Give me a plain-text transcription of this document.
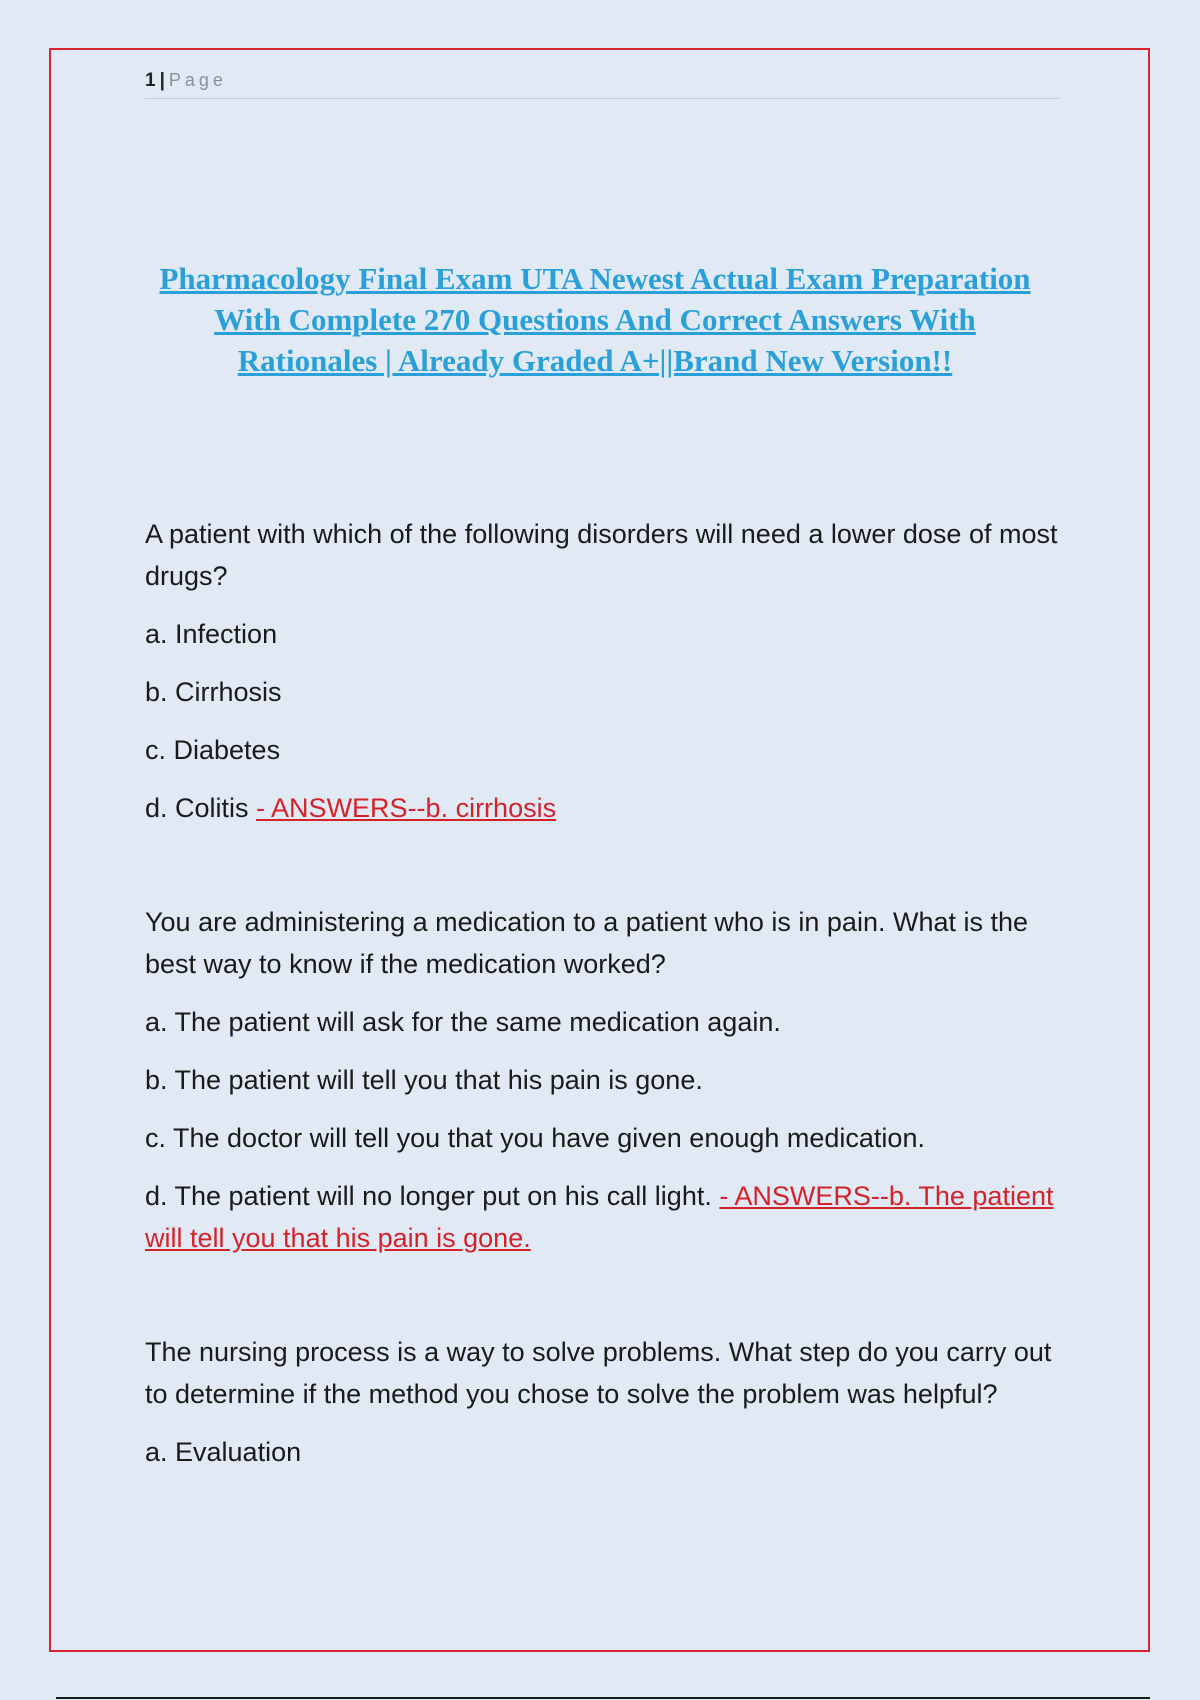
1 | Page
Pharmacology Final Exam UTA Newest Actual Exam Preparation With Complete 270 Questions And Correct Answers With Rationales | Already Graded A+||Brand New Version!!

A patient with which of the following disorders will need a lower dose of most drugs?

a. Infection

b. Cirrhosis

c. Diabetes

d. Colitis - ANSWERS--b. cirrhosis

You are administering a medication to a patient who is in pain. What is the best way to know if the medication worked?

a. The patient will ask for the same medication again.

b. The patient will tell you that his pain is gone.

c. The doctor will tell you that you have given enough medication.

d. The patient will no longer put on his call light. - ANSWERS--b. The patient will tell you that his pain is gone.

The nursing process is a way to solve problems. What step do you carry out to determine if the method you chose to solve the problem was helpful?

a. Evaluation
